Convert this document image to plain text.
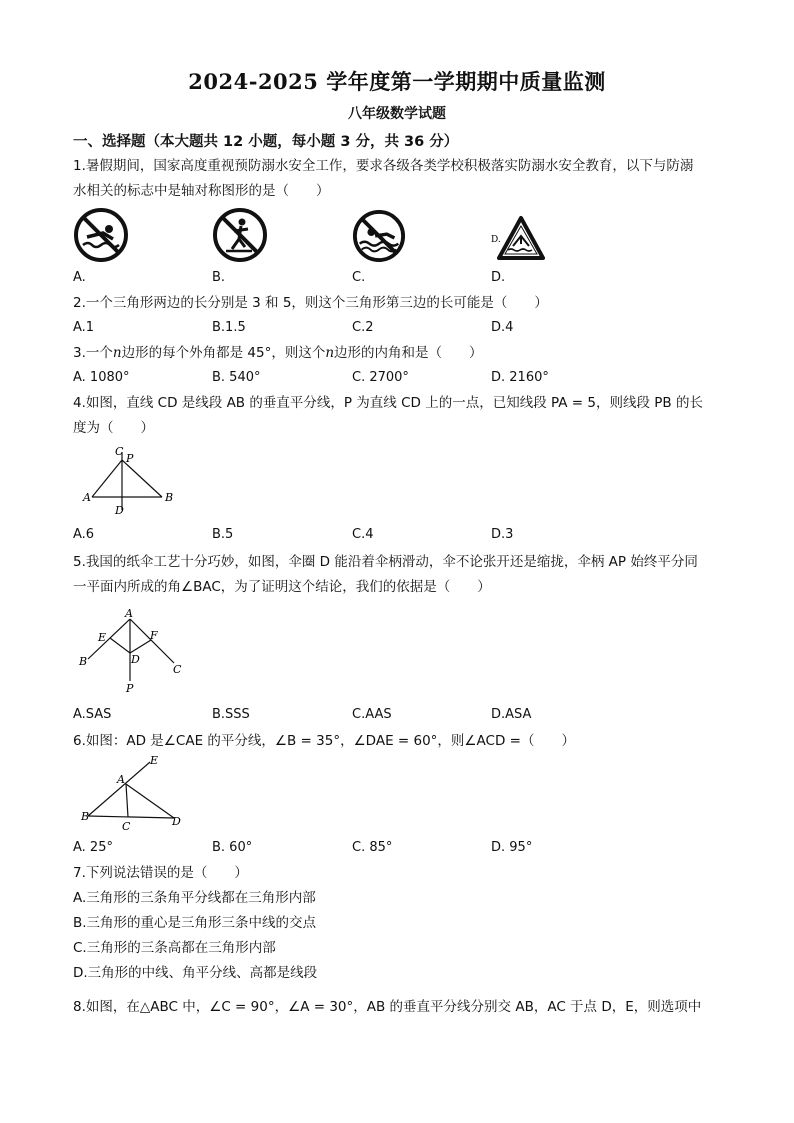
2024-2025 学年度第一学期期中质量监测
八年级数学试题
一、选择题（本大题共 12 小题，每小题 3 分，共 36 分）
1.暑假期间，国家高度重视预防溺水安全工作，要求各级各类学校积极落实防溺水安全教育，以下与防溺
水相关的标志中是轴对称图形的是（　　）
D.
A.	B.	C.	D.
2.一个三角形两边的长分别是 3 和 5，则这个三角形第三边的长可能是（　　）
A.1	B.1.5	C.2	D.4
3.一个n边形的每个外角都是 45°，则这个n边形的内角和是（　　）
A. 1080°	B. 540°	C. 2700°	D. 2160°
4.如图，直线 CD 是线段 AB 的垂直平分线，P 为直线 CD 上的一点，已知线段 PA = 5，则线段 PB 的长
度为（　　）
C
P
A	B
D
A.6	B.5	C.4	D.3
5.我国的纸伞工艺十分巧妙，如图，伞圈 D 能沿着伞柄滑动，伞不论张开还是缩拢，伞柄 AP 始终平分同
一平面内所成的角∠BAC，为了证明这个结论，我们的依据是（　　）
A
E	F
B	D
C
P
A.SAS	B.SSS	C.AAS	D.ASA
6.如图：AD 是∠CAE 的平分线，∠B = 35°，∠DAE = 60°，则∠ACD =（　　）
E
A
B
C	D
A. 25°	B. 60°	C. 85°	D. 95°
7.下列说法错误的是（　　）
A.三角形的三条角平分线都在三角形内部
B.三角形的重心是三角形三条中线的交点
C.三角形的三条高都在三角形内部
D.三角形的中线、角平分线、高都是线段
8.如图，在△ABC 中，∠C = 90°，∠A = 30°，AB 的垂直平分线分别交 AB，AC 于点 D，E，则选项中
